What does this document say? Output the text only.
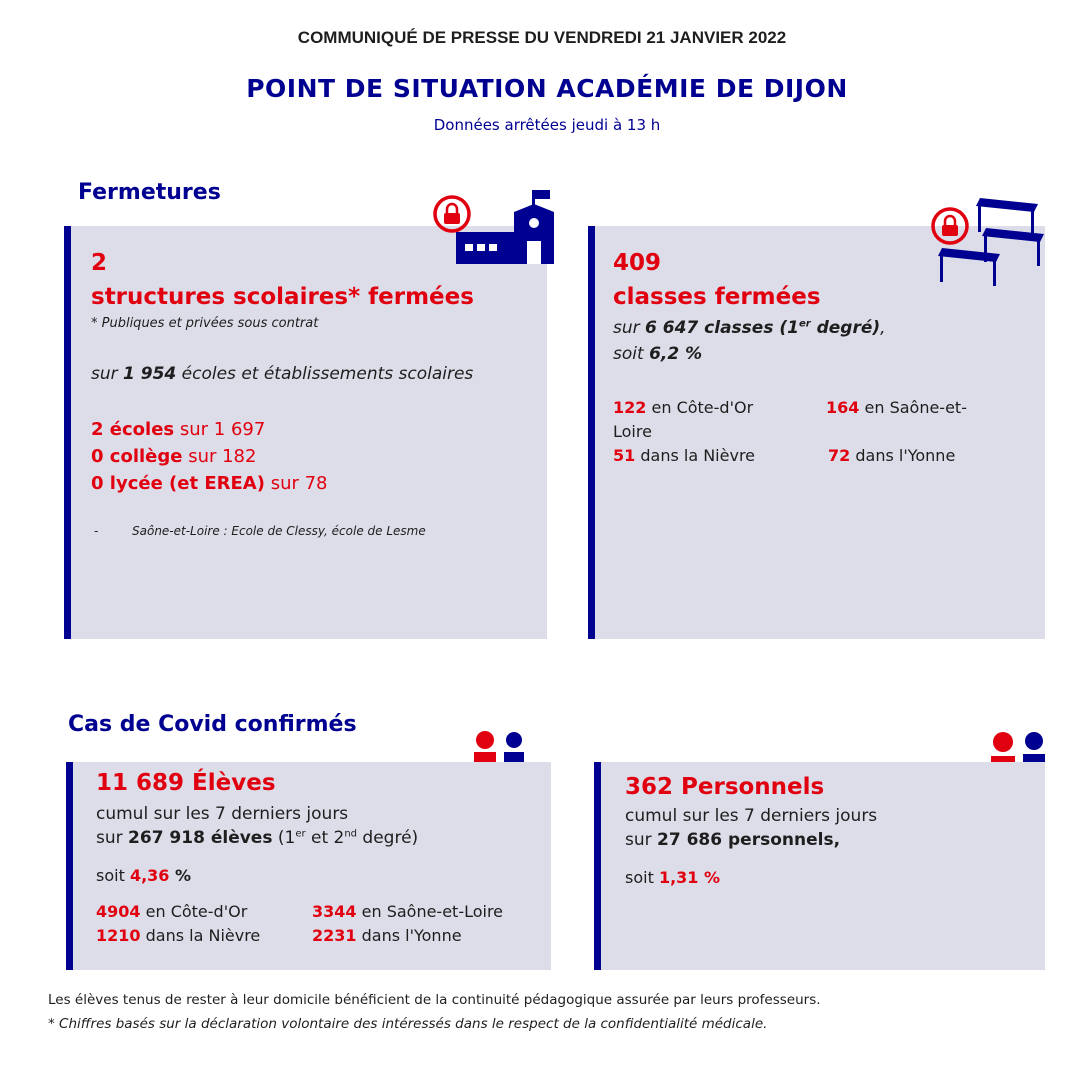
COMMUNIQUÉ DE PRESSE DU VENDREDI 21 JANVIER 2022
POINT DE SITUATION ACADÉMIE DE DIJON
Données arrêtées jeudi à 13 h
Fermetures
2
structures scolaires* fermées
* Publiques et privées sous contrat
sur 1 954 écoles et établissements scolaires
2 écoles sur 1 697
0 collège sur 182
0 lycée (et EREA) sur 78
-	Saône-et-Loire : Ecole de Clessy, école de Lesme
409
classes fermées
sur 6 647 classes (1er degré),
soit 6,2 %
122 en Côte-d'Or	164 en Saône-et-
Loire
51 dans la Nièvre	72 dans l'Yonne
Cas de Covid confirmés
11 689 Élèves
cumul sur les 7 derniers jours
sur 267 918 élèves (1er et 2nd degré)
soit 4,36 %
4904 en Côte-d'Or	3344 en Saône-et-Loire
1210 dans la Nièvre	2231 dans l'Yonne
362 Personnels
cumul sur les 7 derniers jours
sur 27 686 personnels,
soit 1,31 %
Les élèves tenus de rester à leur domicile bénéficient de la continuité pédagogique assurée par leurs professeurs.
* Chiffres basés sur la déclaration volontaire des intéressés dans le respect de la confidentialité médicale.
